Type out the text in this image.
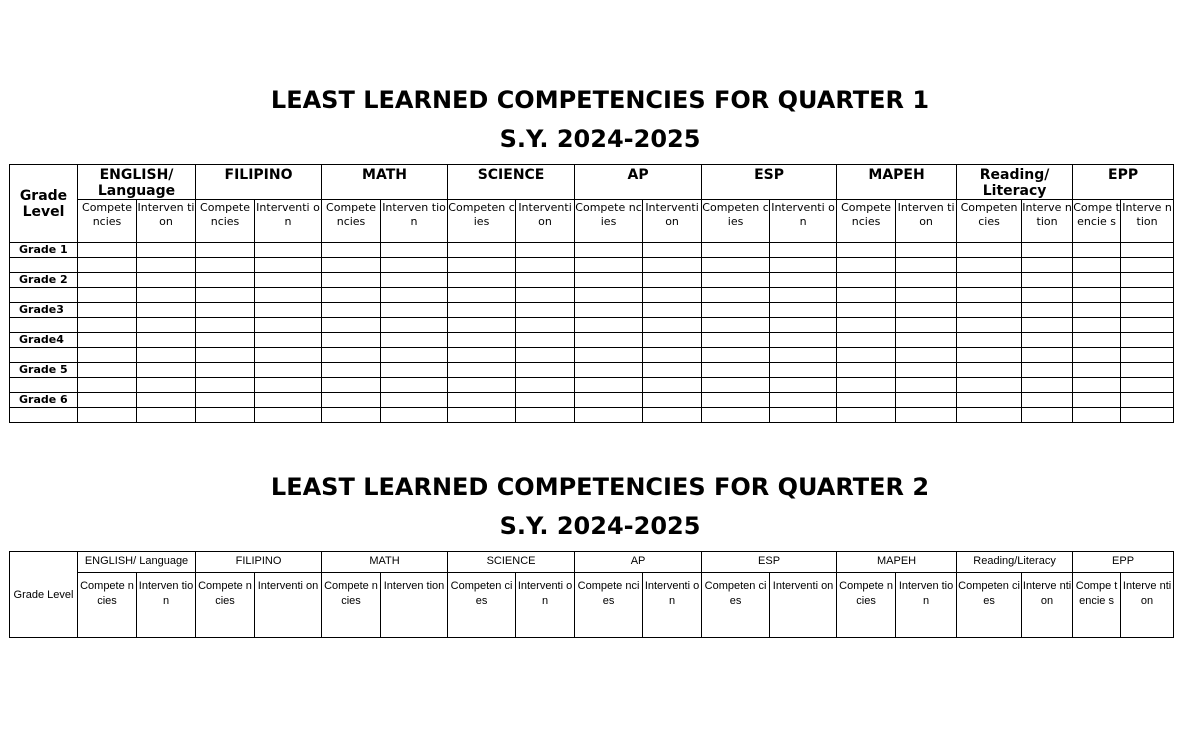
LEAST LEARNED COMPETENCIES FOR QUARTER 1
S.Y. 2024-2025
Grade Level	ENGLISH/ Language		FILIPINO		MATH		SCIENCE		AP		ESP		MAPEH		Reading/ Literacy		EPP	
	Compete ncies	Interven tion	Compete ncies	Interventi on	Compete ncies	Interven tion	Competen cies	Interventi on	Compete ncies	Interventi on	Competen cies	Interventi on	Compete ncies	Interven tion	Competen cies	Interve ntion	Compe tencie s	Interve ntion
Grade 1																		

Grade 2																		

Grade3																		

Grade4																		

Grade 5																		

Grade 6																		

LEAST LEARNED COMPETENCIES FOR QUARTER 2
S.Y. 2024-2025
Grade Level	ENGLISH/ Language		FILIPINO		MATH		SCIENCE		AP		ESP		MAPEH		Reading/Literacy		EPP	
	Compete ncies	Interven tion	Compete ncies	Interventi on	Compete ncies	Interven tion	Competen cies	Interventi on	Compete ncies	Interventi on	Competen cies	Interventi on	Compete ncies	Interven tion	Competen cies	Interve ntion	Compe tencie s	Interve ntion
